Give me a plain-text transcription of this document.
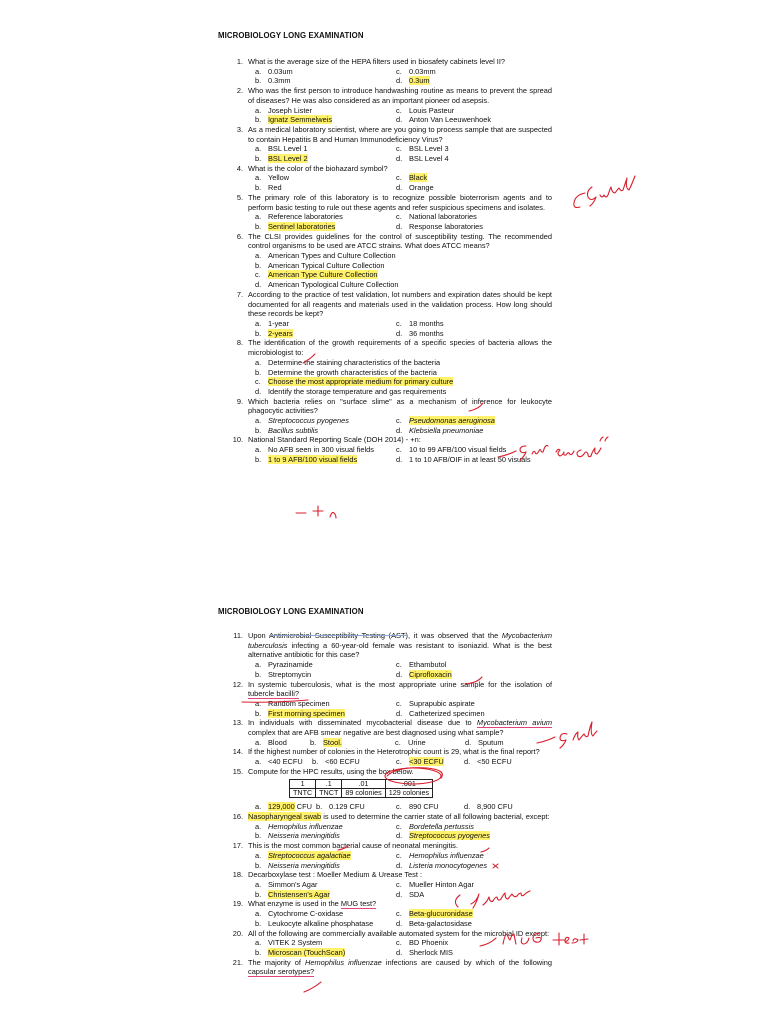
MICROBIOLOGY LONG EXAMINATION
1. What is the average size of the HEPA filters used in biosafety cabinets level II?
a. 0.03um	c. 0.03mm
b. 0.3mm	d. 0.3um
2. Who was the first person to introduce handwashing routine as means to prevent the spread of diseases? He was also considered as an important pioneer od asepsis.
a. Joseph Lister	c. Louis Pasteur
b. Ignatz Semmelweis	d. Anton Van Leeuwenhoek
3. As a medical laboratory scientist, where are you going to process sample that are suspected to contain Hepatitis B and Human Immunodeficiency Virus?
a. BSL Level 1	c. BSL Level 3
b. BSL Level 2	d. BSL Level 4
4. What is the color of the biohazard symbol?
a. Yellow	c. Black
b. Red	d. Orange
5. The primary role of this laboratory is to recognize possible bioterrorism agents and to perform basic testing to rule out these agents and refer suspicious specimens and isolates.
a. Reference laboratories	c. National laboratories
b. Sentinel laboratories	d. Response laboratories
6. The CLSI provides guidelines for the control of susceptibility testing. The recommended control organisms to be used are ATCC strains. What does ATCC means?
a. American Types and Culture Collection
b. American Typical Culture Collection
c. American Type Culture Collection
d. American Typological Culture Collection
7. According to the practice of test validation, lot numbers and expiration dates should be kept documented for all reagents and materials used in the validation process. How long should these records be kept?
a. 1-year	c. 18 months
b. 2-years	d. 36 months
8. The identification of the growth requirements of a specific species of bacteria allows the microbiologist to:
a. Determine the staining characteristics of the bacteria
b. Determine the growth characteristics of the bacteria
c. Choose the most appropriate medium for primary culture
d. Identify the storage temperature and gas requirements
9. Which bacteria relies on "surface slime" as a mechanism of inference for leukocyte phagocytic activities?
a. Streptococcus pyogenes	c. Pseudomonas aeruginosa
b. Bacillus subtilis	d. Klebsiella pneumoniae
10. National Standard Reporting Scale (DOH 2014) - +n:
a. No AFB seen in 300 visual fields	c. 10 to 99 AFB/100 visual fields
b. 1 to 9 AFB/100 visual fields	d. 1 to 10 AFB/OIF in at least 50 visuals
MICROBIOLOGY LONG EXAMINATION
11. Upon Antimicrobial Susceptibility Testing (AST), it was observed that the Mycobacterium tuberculosis infecting a 60-year-old female was resistant to isoniazid. What is the best alternative antibiotic for this case?
a. Pyrazinamide	c. Ethambutol
b. Streptomycin	d. Ciprofloxacin
12. In systemic tuberculosis, what is the most appropriate urine sample for the isolation of tubercle bacilli?
a. Random specimen	c. Suprapubic aspirate
b. First morning specimen	d. Catheterized specimen
13. In individuals with disseminated mycobacterial disease due to Mycobacterium avium complex that are AFB smear negative are best diagnosed using what sample?
a. Blood	b. Stool.	c. Urine	d. Sputum
14. If the highest number of colonies in the Heterotrophic count is 29, what is the final report?
a. <40 ECFU	b. <60 ECFU	c. <30 ECFU	d. <50 ECFU
15. Compute for the HPC results, using the box below.
1	.1	.01	.001
TNTC	TNCT	89 colonies	129 colonies
a. 129,000 CFU b. 0.129 CFU	c. 890 CFU	d. 8,900 CFU
16. Nasopharyngeal swab is used to determine the carrier state of all following bacterial, except:
a. Hemophilus influenzae	c. Bordetella pertussis
b. Neisseria meningitidis	d. Streptococcus pyogenes
17. This is the most common bacterial cause of neonatal meningitis.
a. Streptococcus agalactiae	c. Hemophilus influenzae
b. Neisseria meningitidis	d. Listeria monocytogenes
18. Decarboxylase test : Moeller Medium & Urease Test :
a. Simmon's Agar	c. Mueller Hinton Agar
b. Christensen's Agar	d. SDA
19. What enzyme is used in the MUG test?
a. Cytochrome C-oxidase	c. Beta-glucuronidase
b. Leukocyte alkaline phosphatase	d. Beta-galactosidase
20. All of the following are commercially available automated system for the microbial ID except:
a. VITEK 2 System	c. BD Phoenix
b. Microscan (TouchScan)	d. Sherlock MIS
21. The majority of Hemophilus influenzae infections are caused by which of the following capsular serotypes?
